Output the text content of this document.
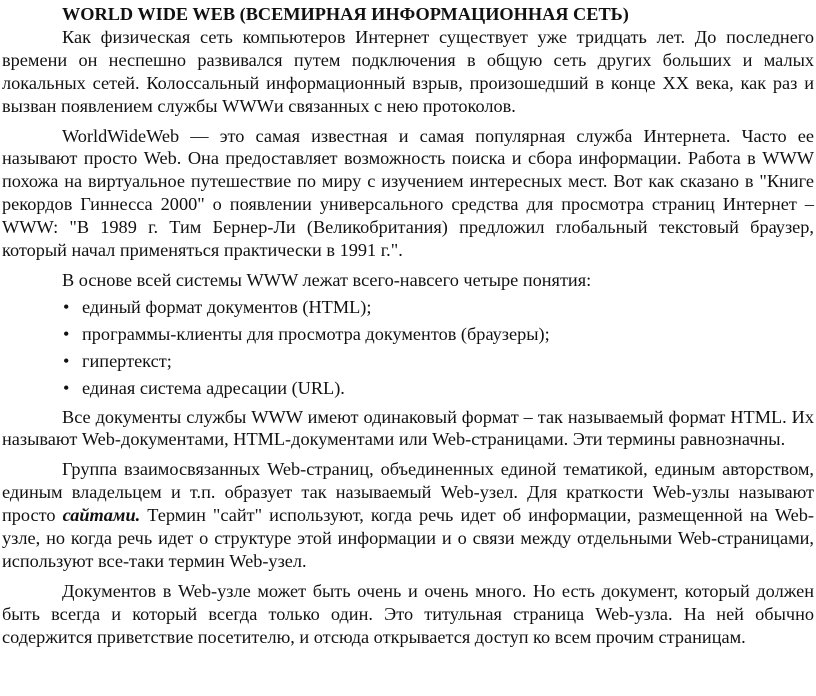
WORLD WIDE WEB (ВСЕМИРНАЯ ИНФОРМАЦИОННАЯ СЕТЬ)

Как физическая сеть компьютеров Интернет существует уже тридцать лет. До последнего времени он неспешно развивался путем подключения в общую сеть других больших и малых локальных сетей. Колоссальный информационный взрыв, произошедший в конце XX века, как раз и вызван появлением службы WWWи связанных с нею протоколов.

WorldWideWeb — это самая известная и самая популярная служба Интернета. Часто ее называют просто Web. Она предоставляет возможность поиска и сбора информации. Работа в WWW похожа на виртуальное путешествие по миру с изучением интересных мест. Вот как сказано в "Книге рекордов Гиннесса 2000" о появлении универсального средства для просмотра страниц Интернет – WWW: "В 1989 г. Тим Бернер-Ли (Великобритания) предложил глобальный текстовый браузер, который начал применяться практически в 1991 г.".

В основе всей системы WWW лежат всего-навсего четыре понятия:

• единый формат документов (HTML);
• программы-клиенты для просмотра документов (браузеры);
• гипертекст;
• единая система адресации (URL).

Все документы службы WWW имеют одинаковый формат – так называемый формат HTML. Их называют Web-документами, HTML-документами или Web-страницами. Эти термины равнозначны.

Группа взаимосвязанных Web-страниц, объединенных единой тематикой, единым авторством, единым владельцем и т.п. образует так называемый Web-узел. Для краткости Web-узлы называют просто сайтами. Термин "сайт" используют, когда речь идет об информации, размещенной на Web-узле, но когда речь идет о структуре этой информации и о связи между отдельными Web-страницами, используют все-таки термин Web-узел.

Документов в Web-узле может быть очень и очень много. Но есть документ, который должен быть всегда и который всегда только один. Это титульная страница Web-узла. На ней обычно содержится приветствие посетителю, и отсюда открывается доступ ко всем прочим страницам.
